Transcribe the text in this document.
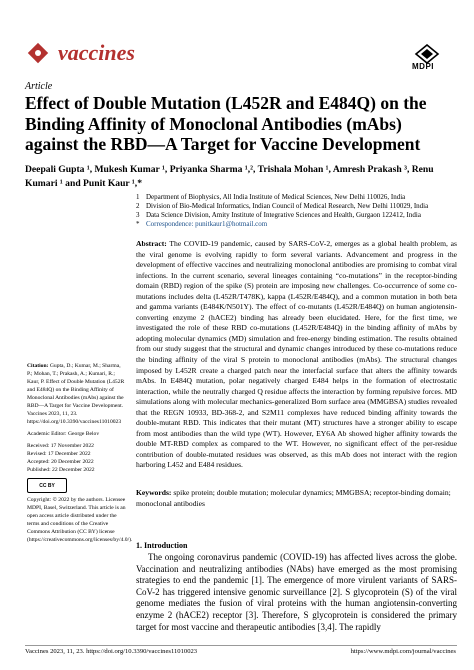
vaccines
MDPI
Article
Effect of Double Mutation (L452R and E484Q) on the Binding Affinity of Monoclonal Antibodies (mAbs) against the RBD—A Target for Vaccine Development
Deepali Gupta ¹, Mukesh Kumar ¹, Priyanka Sharma ¹,², Trishala Mohan ¹, Amresh Prakash ³, Renu Kumari ¹ and Punit Kaur ¹,*
1 Department of Biophysics, All India Institute of Medical Sciences, New Delhi 110026, India
2 Division of Bio-Medical Informatics, Indian Council of Medical Research, New Delhi 110029, India
3 Data Science Division, Amity Institute of Integrative Sciences and Health, Gurgaon 122412, India
* Correspondence: punitkaur1@hotmail.com
Abstract: The COVID-19 pandemic, caused by SARS-CoV-2, emerges as a global health problem, as the viral genome is evolving rapidly to form several variants. Advancement and progress in the development of effective vaccines and neutralizing monoclonal antibodies are promising to combat viral infections. In the current scenario, several lineages containing “co-mutations” in the receptor-binding domain (RBD) region of the spike (S) protein are imposing new challenges. Co-occurrence of some co-mutations includes delta (L452R/T478K), kappa (L452R/E484Q), and a common mutation in both beta and gamma variants (E484K/N501Y). The effect of co-mutants (L452R/E484Q) on human angiotensin-converting enzyme 2 (hACE2) binding has already been elucidated. Here, for the first time, we investigated the role of these RBD co-mutations (L452R/E484Q) in the binding affinity of mAbs by adopting molecular dynamics (MD) simulation and free-energy binding estimation. The results obtained from our study suggest that the structural and dynamic changes introduced by these co-mutations reduce the binding affinity of the viral S protein to monoclonal antibodies (mAbs). The structural changes imposed by L452R create a charged patch near the interfacial surface that alters the affinity towards mAbs. In E484Q mutation, polar negatively charged E484 helps in the formation of electrostatic interaction, while the neutrally charged Q residue affects the interaction by forming repulsive forces. MD simulations along with molecular mechanics-generalized Born surface area (MMGBSA) studies revealed that the REGN 10933, BD-368-2, and S2M11 complexes have reduced binding affinity towards the double-mutant RBD. This indicates that their mutant (MT) structures have a stronger ability to escape from most antibodies than the wild type (WT). However, EY6A Ab showed higher affinity towards the double MT-RBD complex as compared to the WT. However, no significant effect of the per-residue contribution of double-mutated residues was observed, as this mAb does not interact with the region harboring L452 and E484 residues.
Keywords: spike protein; double mutation; molecular dynamics; MMGBSA; receptor-binding domain; monoclonal antibodies
1. Introduction
The ongoing coronavirus pandemic (COVID-19) has affected lives across the globe. Vaccination and neutralizing antibodies (NAbs) have emerged as the most promising strategies to end the pandemic [1]. The emergence of more virulent variants of SARS-CoV-2 has triggered intensive genomic surveillance [2]. S glycoprotein (S) of the viral genome mediates the fusion of viral proteins with the human angiotensin-converting enzyme 2 (hACE2) receptor [3]. Therefore, S glycoprotein is considered the primary target for most vaccine and therapeutic antibodies [3,4]. The rapidly
Citation: Gupta, D.; Kumar, M.; Sharma, P.; Mohan, T.; Prakash, A.; Kumari, R.; Kaur, P. Effect of Double Mutation (L452R and E484Q) on the Binding Affinity of Monoclonal Antibodies (mAbs) against the RBD—A Target for Vaccine Development. Vaccines 2023, 11, 23. https://doi.org/10.3390/vaccines11010023
Academic Editor: George Belov
Received: 17 November 2022
Revised: 17 December 2022
Accepted: 20 December 2022
Published: 22 December 2022
CC BY
Copyright: © 2022 by the authors. Licensee MDPI, Basel, Switzerland. This article is an open access article distributed under the terms and conditions of the Creative Commons Attribution (CC BY) license (https://creativecommons.org/licenses/by/4.0/).
Vaccines 2023, 11, 23. https://doi.org/10.3390/vaccines11010023	https://www.mdpi.com/journal/vaccines
